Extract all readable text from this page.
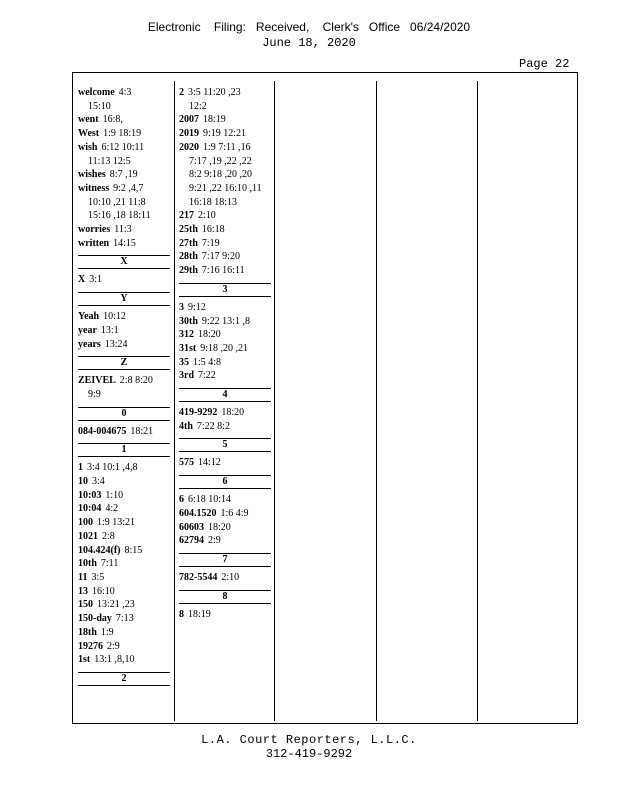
Electronic    Filing:   Received,    Clerk's   Office   06/24/2020
June 18, 2020
Page 22
welcome 4:3
15:10
went 16:8,
West 1:9 18:19
wish 6:12 10:11
11:13 12:5
wishes 8:7 ,19
witness 9:2 ,4,7
10:10 ,21 11:8
15:16 ,18 18:11
worries 11:3
written 14:15
X
X 3:1
Y
Yeah 10:12
year 13:1
years 13:24
Z
ZEIVEL 2:8 8:20
9:9
0
084-004675 18:21
1
1 3:4 10:1 ,4,8
10 3:4
10:03 1:10
10:04 4:2
100 1:9 13:21
1021 2:8
104.424(f) 8:15
10th 7:11
11 3:5
13 16:10
150 13:21 ,23
150-day 7:13
18th 1:9
19276 2:9
1st 13:1 ,8,10
2
2 3:5 11:20 ,23
12:2
2007 18:19
2019 9:19 12:21
2020 1:9 7:11 ,16
7:17 ,19 ,22 ,22
8:2 9:18 ,20 ,20
9:21 ,22 16:10 ,11
16:18 18:13
217 2:10
25th 16:18
27th 7:19
28th 7:17 9:20
29th 7:16 16:11
3
3 9:12
30th 9:22 13:1 ,8
312 18:20
31st 9:18 ,20 ,21
35 1:5 4:8
3rd 7:22
4
419-9292 18:20
4th 7:22 8:2
5
575 14:12
6
6 6:18 10:14
604.1520 1:6 4:9
60603 18:20
62794 2:9
7
782-5544 2:10
8
8 18:19
L.A. Court Reporters, L.L.C.
312-419-9292
